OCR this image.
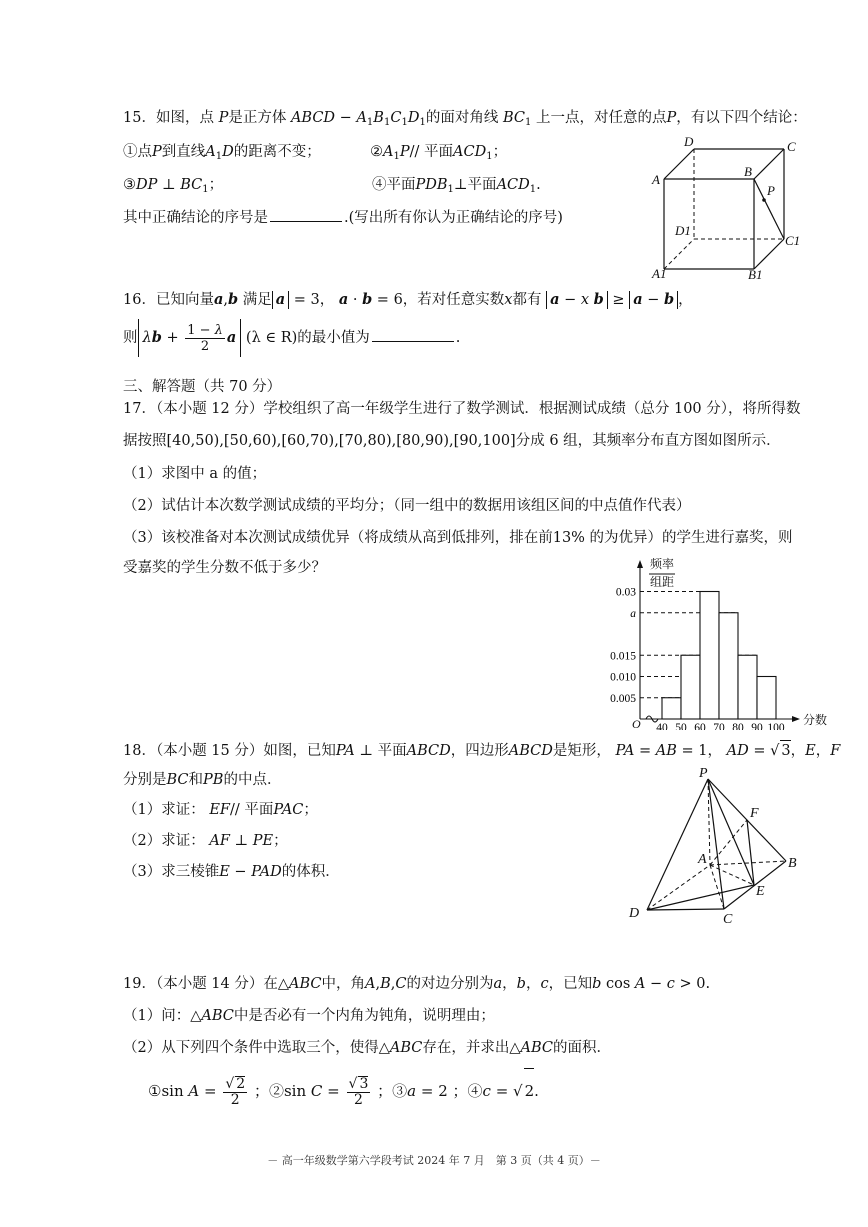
15．如图，点 P是正方体 ABCD − $A_1B_1C_1D_1$的面对角线 $BC_1$ 上一点，对任意的点P，有以下四个结论：
①点P到直线$A_1D$的距离不变；	$②A_1P//$ 平面$ACD_1$；
③DP ⊥ $BC_1$；	④平面$PDB_1\perp$平面$ACD_1$.
其中正确结论的序号是	.(写出所有你认为正确结论的序号)
D	C
A
B
P
D1
C1
A1	B1
16．已知向量a,b 满足 a = 3， a · b = 6，若对任意实数x都有 a − x b ≥ a − b ，
则 λ $b + \frac{1 - \lambda}{2}$ a (λ ∈ R)的最小值为	.
三、解答题（共 70 分）
17．（本小题 12 分）学校组织了高一年级学生进行了数学测试．根据测试成绩（总分 100 分），将所得数
据按照[40,50),[50,60),[60,70),[70,80),[80,90),[90,100]分成 6 组，其频率分布直方图如图所示．
（1）求图中 a 的值；
（2）试估计本次数学测试成绩的平均分；（同一组中的数据用该组区间的中点值作代表）
（3）该校准备对本次测试成绩优异（将成绩从高到低排列，排在前13% 的为优异）的学生进行嘉奖，则
受嘉奖的学生分数不低于多少？
0.005
0.010
0.015
a
0.03
40 50 60 70 80 90 100
频率
组距
O	分数
18．（本小题 15 分）如图，已知PA ⊥ 平面ABCD，四边形ABCD是矩形， PA = AB = 1， AD = √ 3，E，F
分别是BC和PB的中点．
（1）求证： EF// 平面PAC；
（2）求证： AF ⊥ PE；
（3）求三棱锥E − PAD的体积．
P
F
A	B
E
D	C
19．（本小题 14 分）在△ABC中，角A,B,C的对边分别为a，b，c，已知b cos A − c > 0.
（1）问：△ABC中是否必有一个内角为钝角，说明理由；
（2）从下列四个条件中选取三个，使得△ABC存在，并求出△ABC的面积．
①sin $A = \frac{√ 2}{2}$ ；②sin $C = \frac{√ 3}{2}$ ；③a = 2 ；④c = √ 2.
－ 高一年级数学第六学段考试 2024 年 7 月　第 3 页（共 4 页）－
